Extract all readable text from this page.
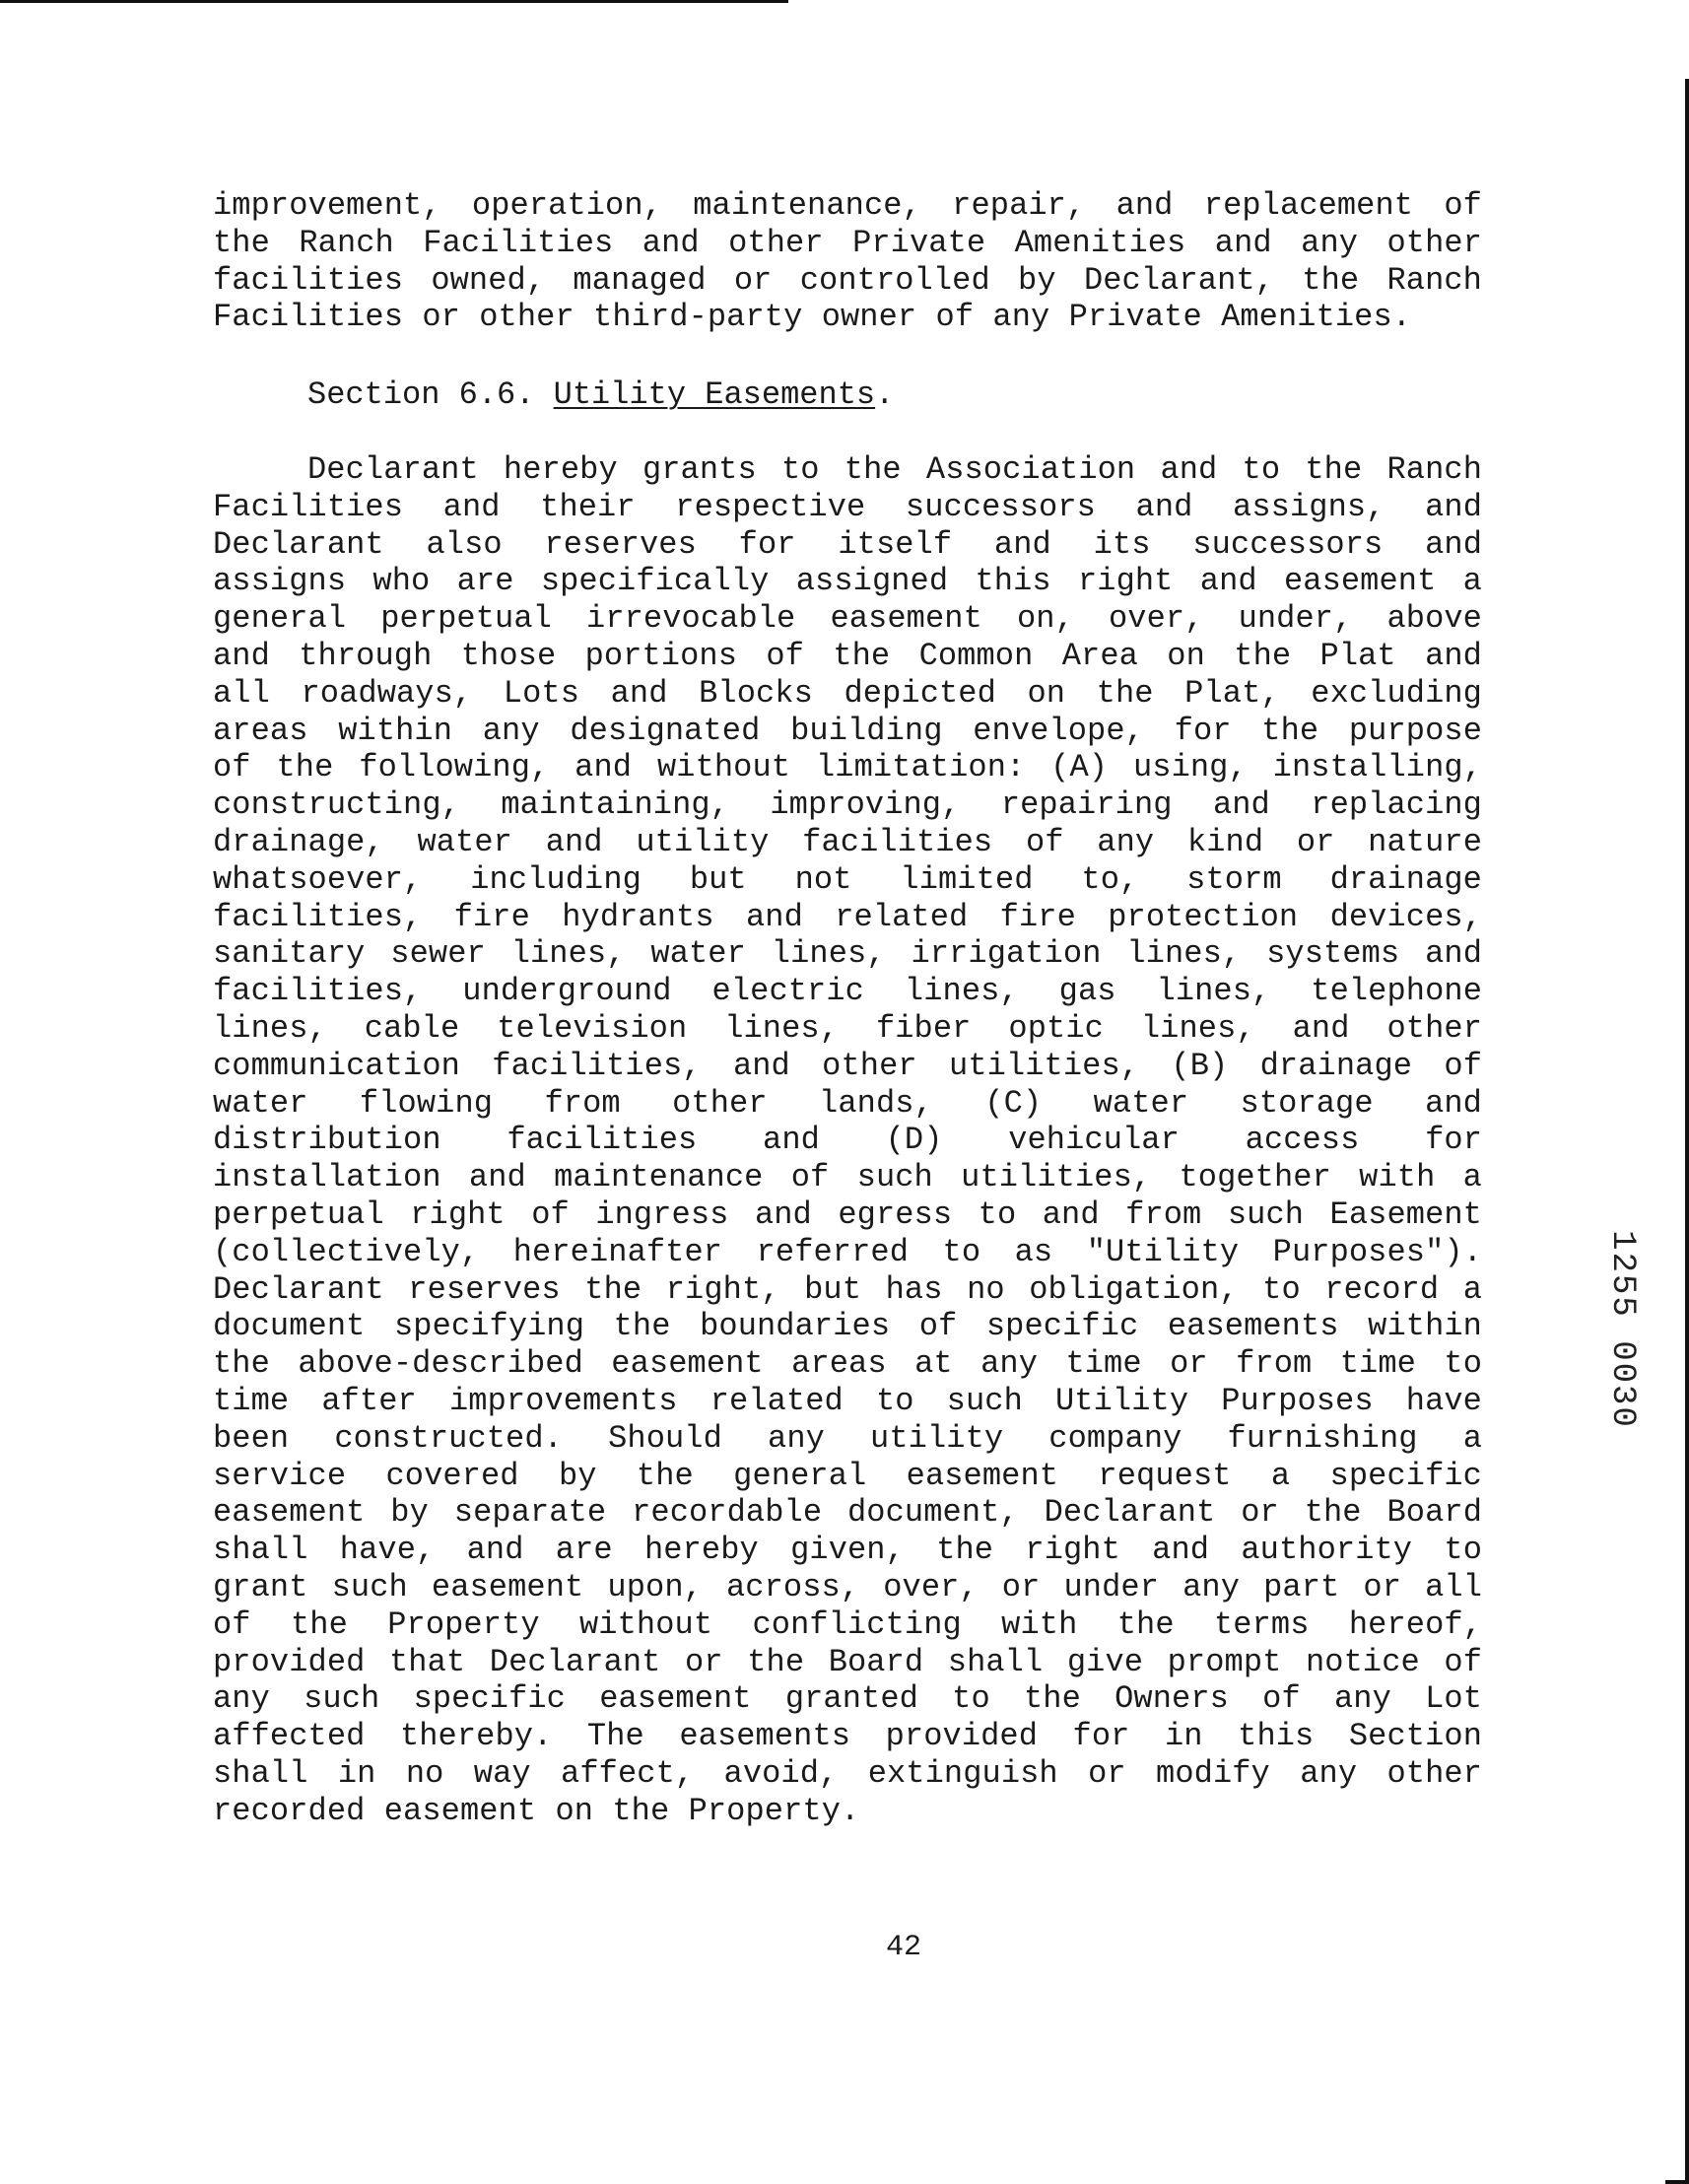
improvement, operation, maintenance, repair, and replacement of
the Ranch Facilities and other Private Amenities and any other
facilities owned, managed or controlled by Declarant, the Ranch
Facilities or other third-party owner of any Private Amenities.
Section 6.6. Utility Easements.
Declarant hereby grants to the Association and to the Ranch
Facilities and their respective successors and assigns, and
Declarant also reserves for itself and its successors and
assigns who are specifically assigned this right and easement a
general perpetual irrevocable easement on, over, under, above
and through those portions of the Common Area on the Plat and
all roadways, Lots and Blocks depicted on the Plat, excluding
areas within any designated building envelope, for the purpose
of the following, and without limitation: (A) using, installing,
constructing, maintaining, improving, repairing and replacing
drainage, water and utility facilities of any kind or nature
whatsoever, including but not limited to, storm drainage
facilities, fire hydrants and related fire protection devices,
sanitary sewer lines, water lines, irrigation lines, systems and
facilities, underground electric lines, gas lines, telephone
lines, cable television lines, fiber optic lines, and other
communication facilities, and other utilities, (B) drainage of
water flowing from other lands, (C) water storage and
distribution facilities and (D) vehicular access for
installation and maintenance of such utilities, together with a
perpetual right of ingress and egress to and from such Easement
(collectively, hereinafter referred to as "Utility Purposes").
Declarant reserves the right, but has no obligation, to record a
document specifying the boundaries of specific easements within
the above-described easement areas at any time or from time to
time after improvements related to such Utility Purposes have
been constructed. Should any utility company furnishing a
service covered by the general easement request a specific
easement by separate recordable document, Declarant or the Board
shall have, and are hereby given, the right and authority to
grant such easement upon, across, over, or under any part or all
of the Property without conflicting with the terms hereof,
provided that Declarant or the Board shall give prompt notice of
any such specific easement granted to the Owners of any Lot
affected thereby. The easements provided for in this Section
shall in no way affect, avoid, extinguish or modify any other
recorded easement on the Property.
42
1255 0030
